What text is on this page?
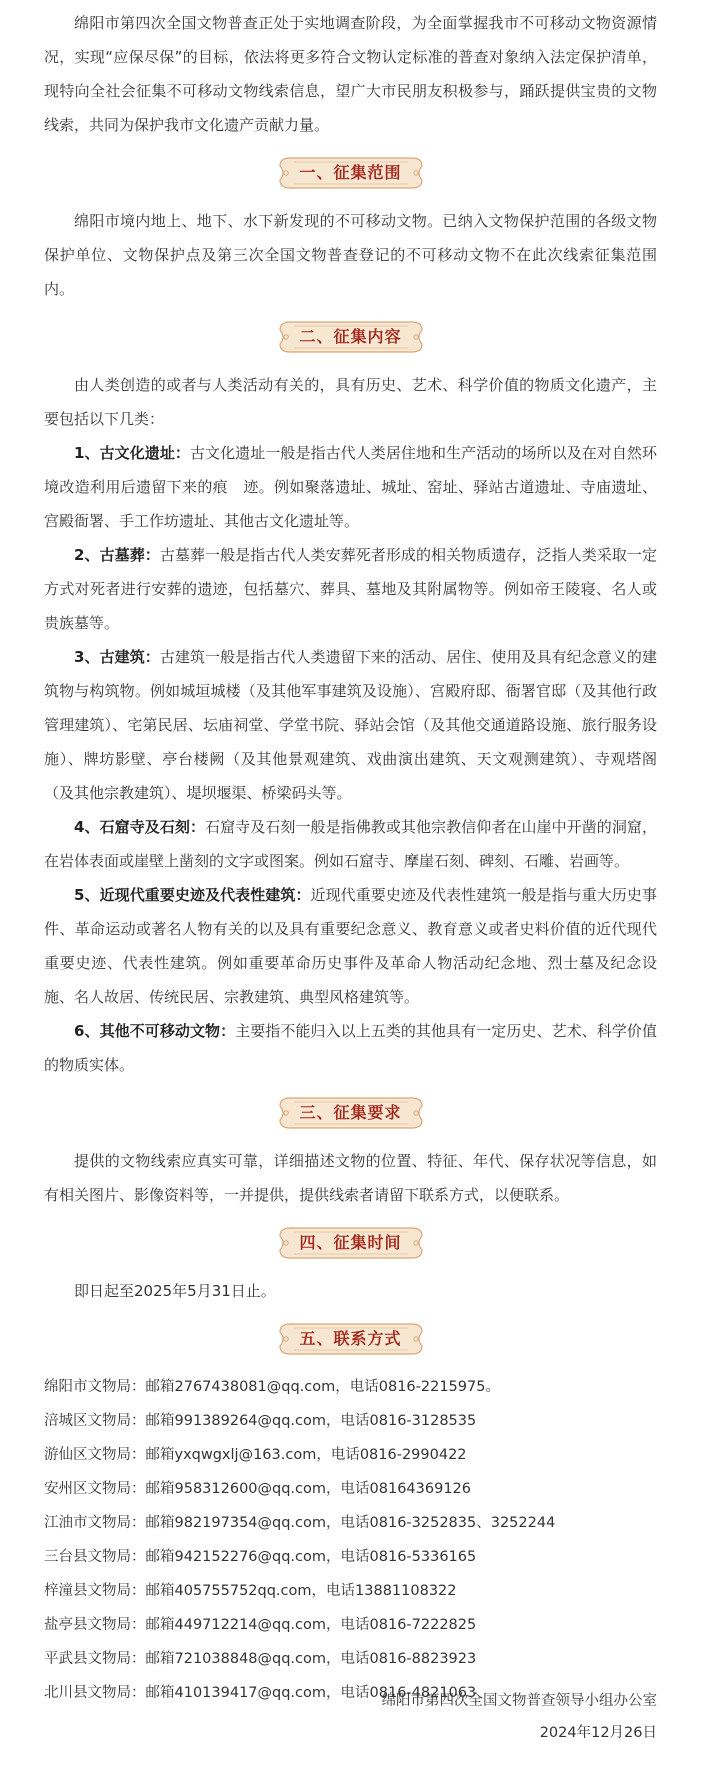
绵阳市第四次全国文物普查正处于实地调查阶段，为全面掌握我市不可移动文物资源情况，实现“应保尽保”的目标，依法将更多符合文物认定标准的普查对象纳入法定保护清单，现特向全社会征集不可移动文物线索信息，望广大市民朋友积极参与，踊跃提供宝贵的文物线索，共同为保护我市文化遗产贡献力量。

一、征集范围

绵阳市境内地上、地下、水下新发现的不可移动文物。已纳入文物保护范围的各级文物保护单位、文物保护点及第三次全国文物普查登记的不可移动文物不在此次线索征集范围内。

二、征集内容

由人类创造的或者与人类活动有关的，具有历史、艺术、科学价值的物质文化遗产，主要包括以下几类：

1、古文化遗址：古文化遗址一般是指古代人类居住地和生产活动的场所以及在对自然环境改造利用后遗留下来的痕　迹。例如聚落遗址、城址、窑址、驿站古道遗址、寺庙遗址、宫殿衙署、手工作坊遗址、其他古文化遗址等。

2、古墓葬：古墓葬一般是指古代人类安葬死者形成的相关物质遗存，泛指人类采取一定方式对死者进行安葬的遗迹，包括墓穴、葬具、墓地及其附属物等。例如帝王陵寝、名人或贵族墓等。

3、古建筑：古建筑一般是指古代人类遗留下来的活动、居住、使用及具有纪念意义的建筑物与构筑物。例如城垣城楼（及其他军事建筑及设施）、宫殿府邸、衙署官邸（及其他行政管理建筑）、宅第民居、坛庙祠堂、学堂书院、驿站会馆（及其他交通道路设施、旅行服务设施）、牌坊影壁、亭台楼阙（及其他景观建筑、戏曲演出建筑、天文观测建筑）、寺观塔阁（及其他宗教建筑）、堤坝堰渠、桥梁码头等。

4、石窟寺及石刻：石窟寺及石刻一般是指佛教或其他宗教信仰者在山崖中开凿的洞窟，在岩体表面或崖壁上凿刻的文字或图案。例如石窟寺、摩崖石刻、碑刻、石雕、岩画等。

5、近现代重要史迹及代表性建筑：近现代重要史迹及代表性建筑一般是指与重大历史事件、革命运动或著名人物有关的以及具有重要纪念意义、教育意义或者史料价值的近代现代重要史迹、代表性建筑。例如重要革命历史事件及革命人物活动纪念地、烈士墓及纪念设施、名人故居、传统民居、宗教建筑、典型风格建筑等。

6、其他不可移动文物：主要指不能归入以上五类的其他具有一定历史、艺术、科学价值的物质实体。

三、征集要求

提供的文物线索应真实可靠，详细描述文物的位置、特征、年代、保存状况等信息，如有相关图片、影像资料等，一并提供，提供线索者请留下联系方式，以便联系。

四、征集时间

即日起至2025年5月31日止。

五、联系方式
绵阳市文物局：邮箱2767438081@qq.com，电话0816-2215975。
涪城区文物局：邮箱991389264@qq.com，电话0816-3128535
游仙区文物局：邮箱yxqwgxlj@163.com，电话0816-2990422
安州区文物局：邮箱958312600@qq.com，电话08164369126
江油市文物局：邮箱982197354@qq.com，电话0816-3252835、3252244
三台县文物局：邮箱942152276@qq.com，电话0816-5336165
梓潼县文物局：邮箱405755752qq.com，电话13881108322
盐亭县文物局：邮箱449712214@qq.com，电话0816-7222825
平武县文物局：邮箱721038848@qq.com，电话0816-8823923
北川县文物局：邮箱410139417@qq.com，电话0816-4821063
绵阳市第四次全国文物普查领导小组办公室
2024年12月26日
